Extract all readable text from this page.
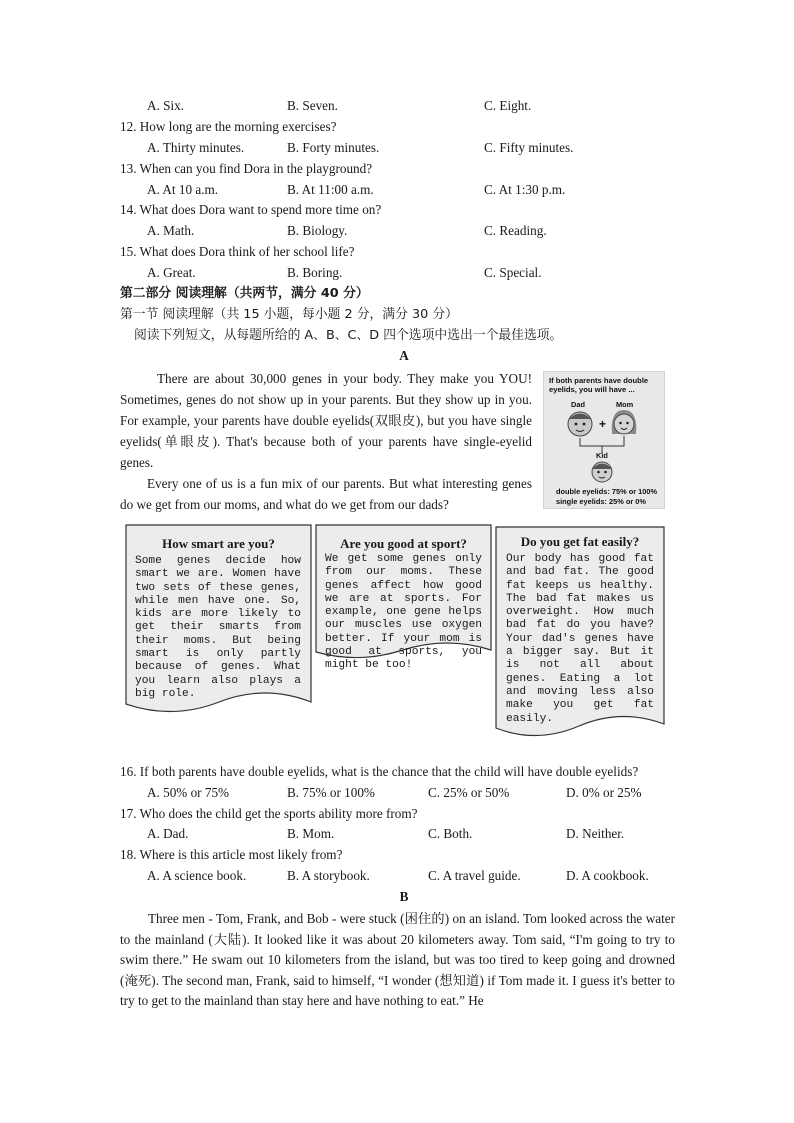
A. Six.	B. Seven.	C. Eight.
12. How long are the morning exercises?
A. Thirty minutes.	B. Forty minutes.	C. Fifty minutes.
13. When can you find Dora in the playground?
A. At 10 a.m.	B. At 11:00 a.m.	C. At 1:30 p.m.
14. What does Dora want to spend more time on?
A. Math.	B. Biology.	C. Reading.
15. What does Dora think of her school life?
A. Great.	B. Boring.	C. Special.
第二部分 阅读理解（共两节，满分 40 分）
第一节 阅读理解（共 15 小题，每小题 2 分，满分 30 分）
阅读下列短文，从每题所给的 A、B、C、D 四个选项中选出一个最佳选项。
A
There are about 30,000 genes in your body. They make you YOU! Sometimes, genes do not show up in your parents. But they show up in you. For example, your parents have double eyelids(双眼皮), but you have single eyelids(单眼皮). That's because both of your parents have single-eyelid genes.
Every one of us is a fun mix of our parents. But what interesting genes do we get from our moms, and what do we get from our dads?
If both parents have double eyelids, you will have ...
Dad	Mom
+
Kid
double eyelids: 75% or 100%
single eyelids: 25% or 0%
How smart are you?
Some genes decide how smart we are. Women have two sets of these genes, while men have one. So, kids are more likely to get their smarts from their moms. But being smart is only partly because of genes. What you learn also plays a big role.
Are you good at sport?
We get some genes only from our moms. These genes affect how good we are at sports. For example, one gene helps our muscles use oxygen better. If your mom is good at sports, you might be too!
Do you get fat easily?
Our body has good fat and bad fat. The good fat keeps us healthy. The bad fat makes us overweight. How much bad fat do you have? Your dad's genes have a bigger say. But it is not all about genes. Eating a lot and moving less also make you get fat easily.
16. If both parents have double eyelids, what is the chance that the child will have double eyelids?
A. 50% or 75%	B. 75% or 100%	C. 25% or 50%	D. 0% or 25%
17. Who does the child get the sports ability more from?
A. Dad.	B. Mom.	C. Both.	D. Neither.
18. Where is this article most likely from?
A. A science book.	B. A storybook.	C. A travel guide.	D. A cookbook.
B
Three men - Tom, Frank, and Bob - were stuck (困住的) on an island. Tom looked across the water to the mainland (大陆). It looked like it was about 20 kilometers away. Tom said, “I'm going to try to swim there.” He swam out 10 kilometers from the island, but was too tired to keep going and drowned (淹死). The second man, Frank, said to himself, “I wonder (想知道) if Tom made it. I guess it's better to try to get to the mainland than stay here and have nothing to eat.” He
